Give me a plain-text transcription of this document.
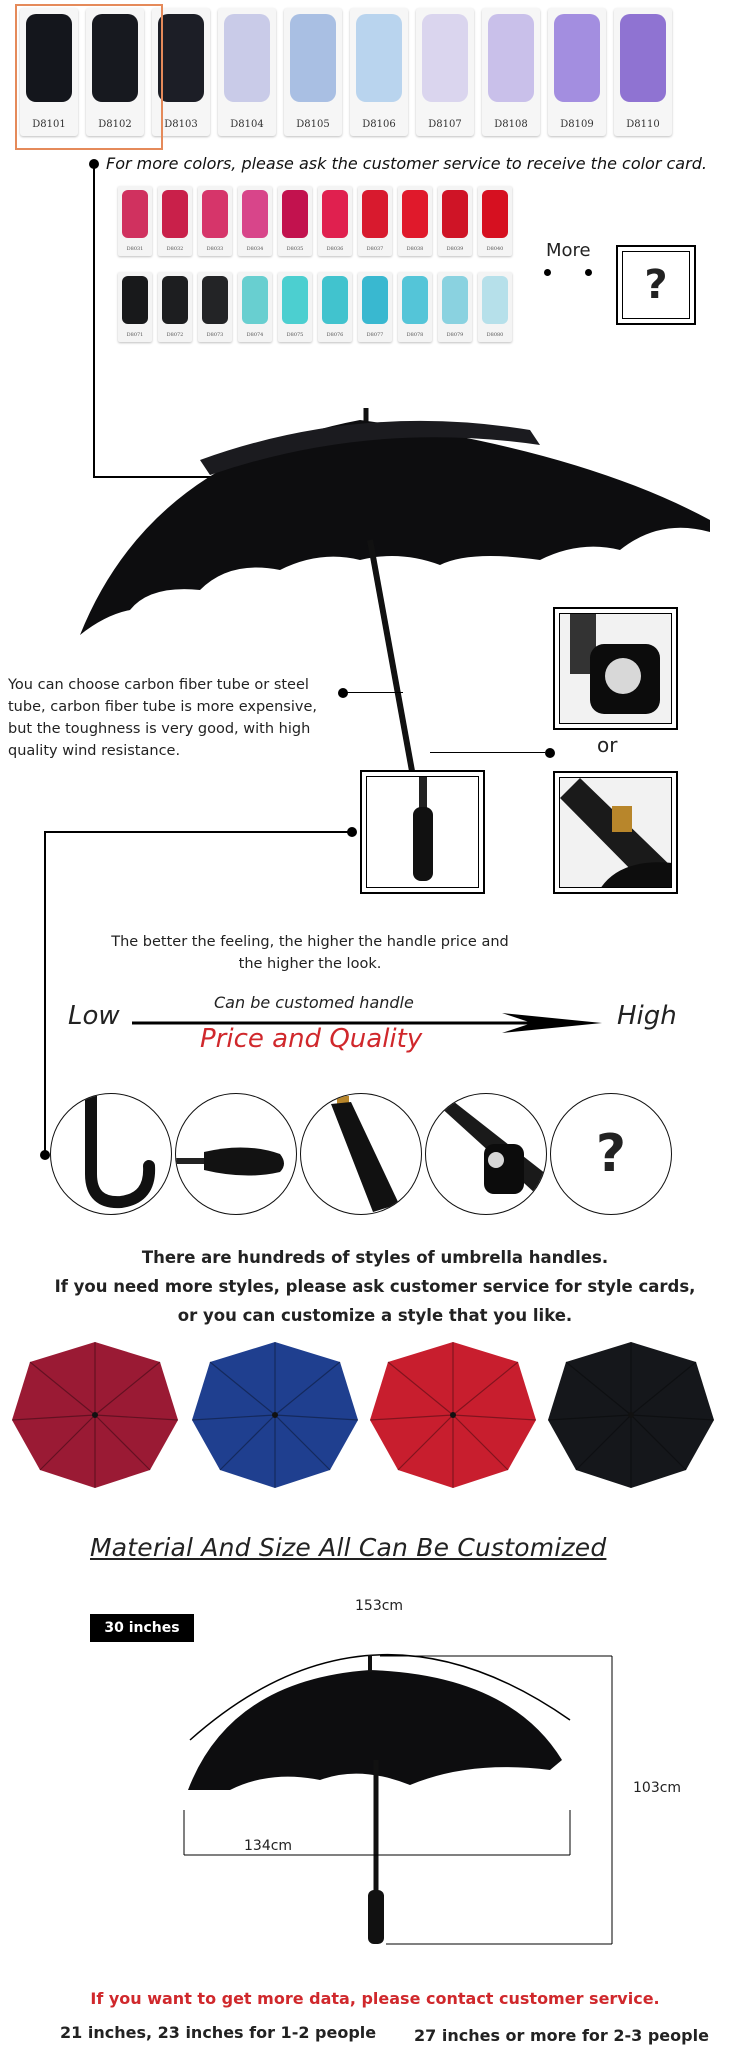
D8101	D8102	D8103	D8104	D8105	D8106	D8107	D8108	D8109	D8110
For more colors, please ask the customer service to receive the color card.
D8031	D8032	D8033	D8034	D8035	D8036	D8037	D8038	D8039	D8040
D8071	D8072	D8073	D8074	D8075	D8076	D8077	D8078	D8079	D8080
More
?
You can choose carbon fiber tube or steel tube, carbon fiber tube is more expensive, but the toughness is very good, with high quality wind resistance.	or
The better the feeling, the higher the handle price and the higher the look.
Low	Can be customed handle
Price and Quality
High
?
There are hundreds of styles of umbrella handles.
If you need more styles, please ask customer service for style cards,
or you can customize a style that you like.
Material And Size All Can Be Customized
30 inches
153cm
103cm
134cm
If you want to get more data, please contact customer service.
21 inches, 23 inches for 1-2 people 27 inches or more for 2-3 people
